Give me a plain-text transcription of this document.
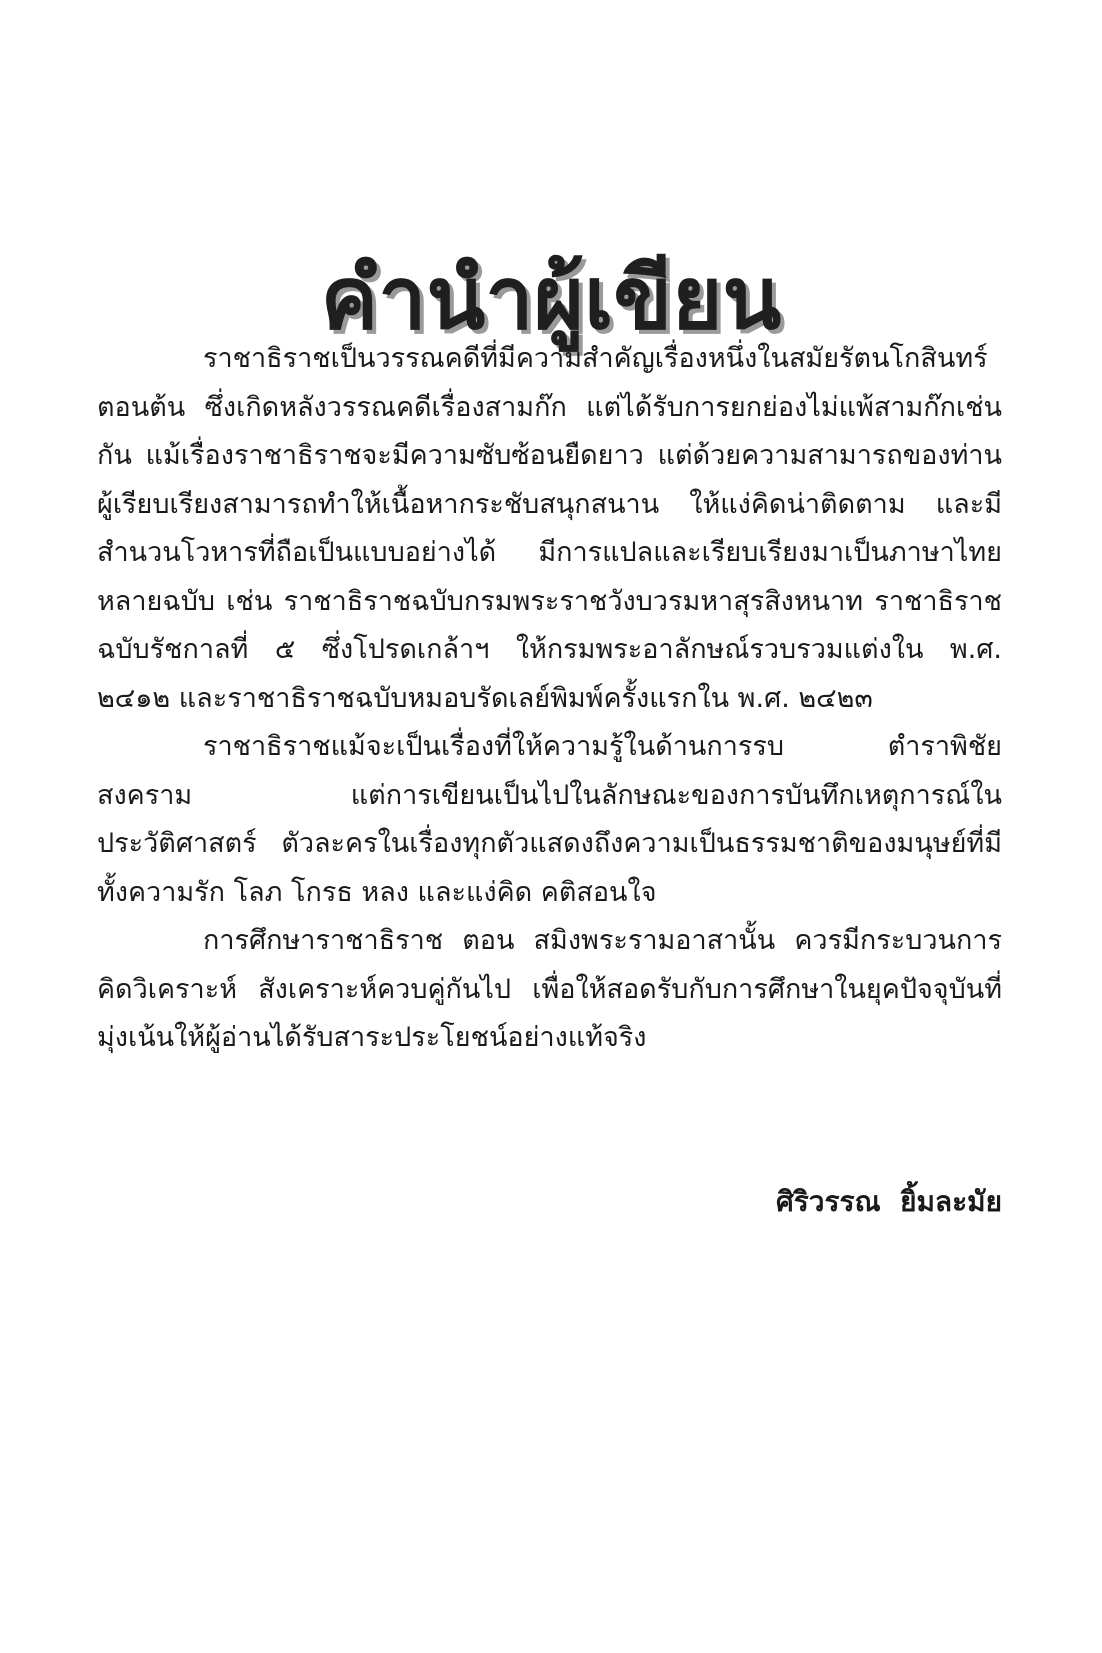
คำนำผู้เขียน

ราชาธิราชเป็นวรรณคดีที่มีความสำคัญเรื่องหนึ่งในสมัยรัตนโกสินทร์ตอนต้น ซึ่งเกิดหลังวรรณคดีเรื่องสามก๊ก แต่ได้รับการยกย่องไม่แพ้สามก๊กเช่นกัน แม้เรื่องราชาธิราชจะมีความซับซ้อนยืดยาว แต่ด้วยความสามารถของท่านผู้เรียบเรียงสามารถทำให้เนื้อหากระชับสนุกสนาน ให้แง่คิดน่าติดตาม และมีสำนวนโวหารที่ถือเป็นแบบอย่างได้ มีการแปลและเรียบเรียงมาเป็นภาษาไทยหลายฉบับ เช่น ราชาธิราชฉบับกรมพระราชวังบวรมหาสุรสิงหนาท ราชาธิราชฉบับรัชกาลที่ ๕ ซึ่งโปรดเกล้าฯ ให้กรมพระอาลักษณ์รวบรวมแต่งใน พ.ศ. ๒๔๑๒ และราชาธิราชฉบับหมอบรัดเลย์พิมพ์ครั้งแรกใน พ.ศ. ๒๔๒๓

ราชาธิราชแม้จะเป็นเรื่องที่ให้ความรู้ในด้านการรบ ตำราพิชัยสงคราม แต่การเขียนเป็นไปในลักษณะของการบันทึกเหตุการณ์ในประวัติศาสตร์ ตัวละครในเรื่องทุกตัวแสดงถึงความเป็นธรรมชาติของมนุษย์ที่มีทั้งความรัก โลภ โกรธ หลง และแง่คิด คติสอนใจ

การศึกษาราชาธิราช ตอน สมิงพระรามอาสานั้น ควรมีกระบวนการคิดวิเคราะห์ สังเคราะห์ควบคู่กันไป เพื่อให้สอดรับกับการศึกษาในยุคปัจจุบันที่มุ่งเน้นให้ผู้อ่านได้รับสาระประโยชน์อย่างแท้จริง

ศิริวรรณ  ยิ้มละมัย
